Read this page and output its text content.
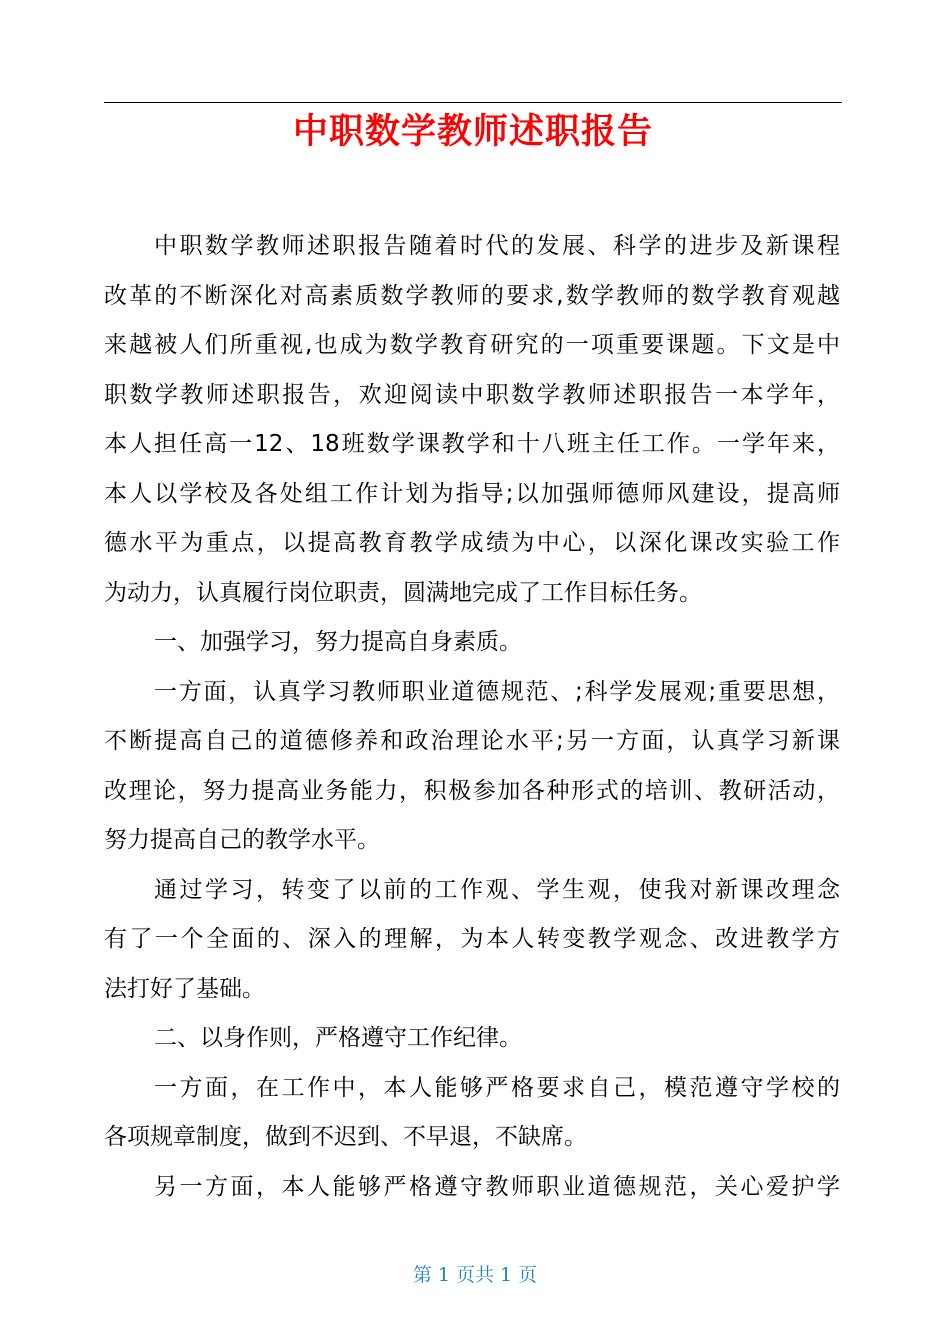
中职数学教师述职报告
中职数学教师述职报告随着时代的发展、科学的进步及新课程
改革的不断深化对高素质数学教师的要求,数学教师的数学教育观越
来越被人们所重视,也成为数学教育研究的一项重要课题。下文是中
职数学教师述职报告，欢迎阅读中职数学教师述职报告一本学年，
本人担任高一12、18班数学课教学和十八班主任工作。一学年来，
本人以学校及各处组工作计划为指导;以加强师德师风建设，提高师
德水平为重点，以提高教育教学成绩为中心，以深化课改实验工作
为动力，认真履行岗位职责，圆满地完成了工作目标任务。
一、加强学习，努力提高自身素质。
一方面，认真学习教师职业道德规范、;科学发展观;重要思想，
不断提高自己的道德修养和政治理论水平;另一方面，认真学习新课
改理论，努力提高业务能力，积极参加各种形式的培训、教研活动，
努力提高自己的教学水平。
通过学习，转变了以前的工作观、学生观，使我对新课改理念
有了一个全面的、深入的理解，为本人转变教学观念、改进教学方
法打好了基础。
二、以身作则，严格遵守工作纪律。
一方面，在工作中，本人能够严格要求自己，模范遵守学校的
各项规章制度，做到不迟到、不早退，不缺席。
另一方面，本人能够严格遵守教师职业道德规范，关心爱护学
第 1 页共 1 页
